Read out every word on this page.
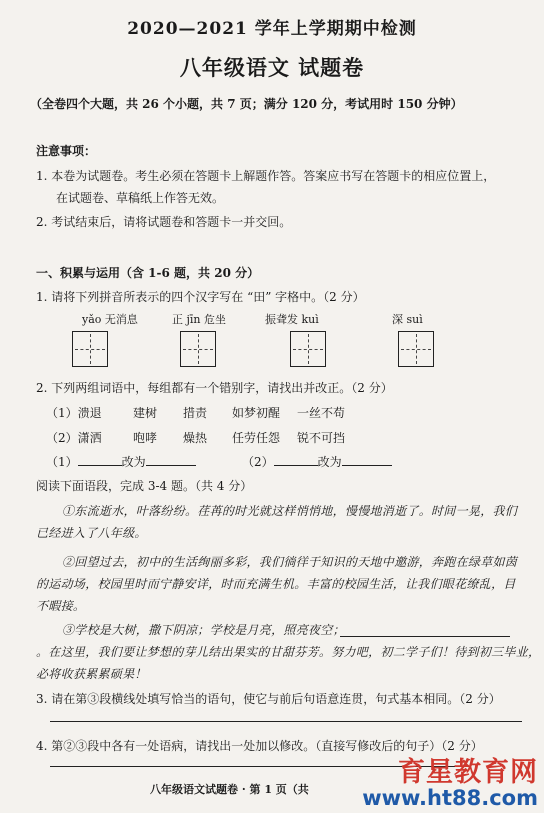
2020—2021 学年上学期期中检测
八年级语文 试题卷
（全卷四个大题，共 26 个小题，共 7 页；满分 120 分，考试用时 150 分钟）
注意事项：
1. 本卷为试题卷。考生必须在答题卡上解题作答。答案应书写在答题卡的相应位置上，
在试题卷、草稿纸上作答无效。
2. 考试结束后，请将试题卷和答题卡一并交回。
一、积累与运用（含 1-6 题，共 20 分）
1. 请将下列拼音所表示的四个汉字写在 “田” 字格中。（2 分）
yǎo 无消息	正 jīn 危坐	振聋发 kuì	深 suì
2. 下列两组词语中，每组都有一个错别字，请找出并改正。（2 分）
（1）溃退	建树 措责 如梦初醒 一丝不苟
（2）潇洒	咆哮 燥热 任劳任怨 锐不可挡
（1）	改为	（2）	改为
阅读下面语段，完成 3-4 题。（共 4 分）
①东流逝水，叶落纷纷。荏苒的时光就这样悄悄地，慢慢地消逝了。时间一晃，我们
已经进入了八年级。
②回望过去，初中的生活绚丽多彩，我们徜徉于知识的天地中邀游，奔跑在绿草如茵
的运动场，校园里时而宁静安详，时而充满生机。丰富的校园生活，让我们眼花缭乱，目
不暇接。
③学校是大树，撒下阴凉；学校是月亮，照亮夜空；
。在这里，我们要让梦想的芽儿结出果实的甘甜芬芳。努力吧，初二学子们！待到初三毕业，
必将收获累累硕果！
3. 请在第③段横线处填写恰当的语句，使它与前后句语意连贯，句式基本相同。（2 分）
4. 第②③段中各有一处语病，请找出一处加以修改。（直接写修改后的句子）（2 分）
八年级语文试题卷 · 第 1 页（共
育星教育网
www.ht88.com
